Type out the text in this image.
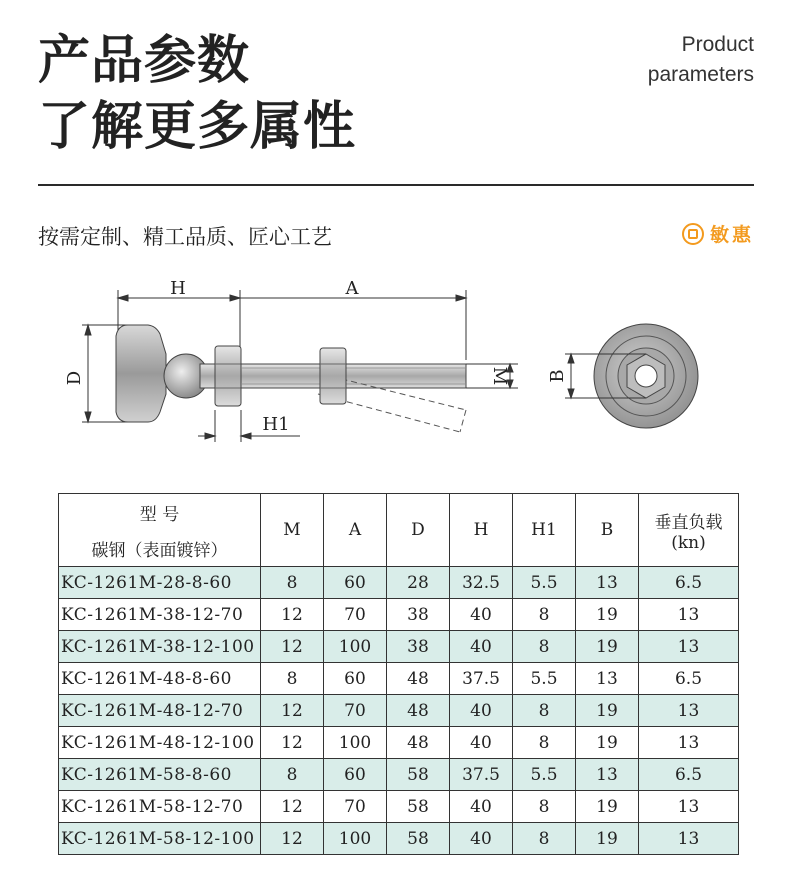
产品参数
了解更多属性
Product
parameters
按需定制、精工品质、匠心工艺	敏惠
H	A
D
H1
M B
型 号	M	A	D	H	H1	B	垂直负载
(kn)

碳钢（表面镀锌）							
KC-1261M-28-8-60	8	60	28	32.5	5.5	13	6.5
KC-1261M-38-12-70	12	70	38	40	8	19	13
KC-1261M-38-12-100	12	100	38	40	8	19	13
KC-1261M-48-8-60	8	60	48	37.5	5.5	13	6.5
KC-1261M-48-12-70	12	70	48	40	8	19	13
KC-1261M-48-12-100	12	100	48	40	8	19	13
KC-1261M-58-8-60	8	60	58	37.5	5.5	13	6.5
KC-1261M-58-12-70	12	70	58	40	8	19	13
KC-1261M-58-12-100	12	100	58	40	8	19	13
